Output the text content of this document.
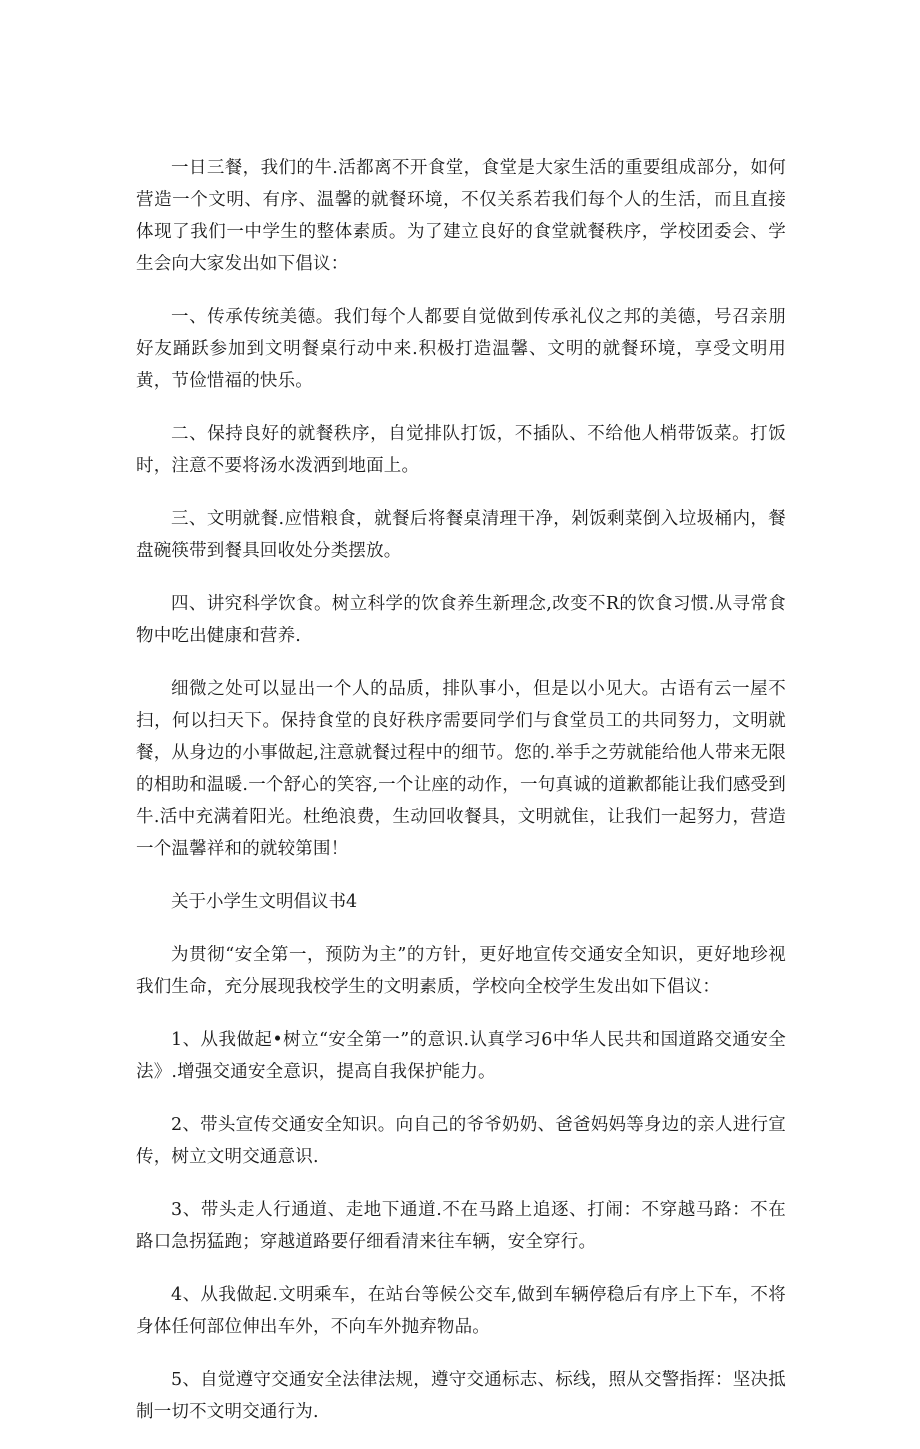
一日三餐，我们的牛.活都离不开食堂，食堂是大家生活的重要组成部分，如何营造一个文明、有序、温馨的就餐环境，不仅关系若我们每个人的生活，而且直接体现了我们一中学生的整体素质。为了建立良好的食堂就餐秩序，学校团委会、学生会向大家发出如下倡议：

一、传承传统美德。我们每个人都要自觉做到传承礼仪之邦的美德，号召亲朋好友踊跃参加到文明餐桌行动中来.积极打造温馨、文明的就餐环境，享受文明用黄，节俭惜福的快乐。

二、保持良好的就餐秩序，自觉排队打饭，不插队、不给他人梢带饭菜。打饭时，注意不要将汤水泼洒到地面上。

三、文明就餐.应惜粮食，就餐后将餐桌清理干净，剁饭剩菜倒入垃圾桶内，餐盘碗筷带到餐具回收处分类摆放。

四、讲究科学饮食。树立科学的饮食养生新理念,改变不R的饮食习惯.从寻常食物中吃出健康和营养.

细微之处可以显出一个人的品质，排队事小，但是以小见大。古语有云一屋不扫，何以扫天下。保持食堂的良好秩序需要同学们与食堂员工的共同努力，文明就餐，从身边的小事做起,注意就餐过程中的细节。您的.举手之劳就能给他人带来无限的相助和温暖.一个舒心的笑容,一个让座的动作，一句真诚的道歉都能让我们感受到牛.活中充满着阳光。杜绝浪费，生动回收餐具，文明就隹，让我们一起努力，营造一个温馨祥和的就较第围！

关于小学生文明倡议书4

为贯彻“安全第一，预防为主”的方针，更好地宣传交通安全知识，更好地珍视我们生命，充分展现我校学生的文明素质，学校向全校学生发出如下倡议：

1、从我做起•树立“安全第一”的意识.认真学习6中华人民共和国道路交通安全法》.增强交通安全意识，提高自我保护能力。

2、带头宣传交通安全知识。向自己的爷爷奶奶、爸爸妈妈等身边的亲人进行宣传，树立文明交通意识.

3、带头走人行通道、走地下通道.不在马路上追逐、打闹：不穿越马路：不在路口急拐猛跑；穿越道路要仔细看清来往车辆，安全穿行。

4、从我做起.文明乘车，在站台等候公交车,做到车辆停稳后有序上下车，不将身体任何部位伸出车外，不向车外抛弃物品。

5、自觉遵守交通安全法律法规，遵守交通标志、标线，照从交警指挥：坚决抵制一切不文明交通行为.
